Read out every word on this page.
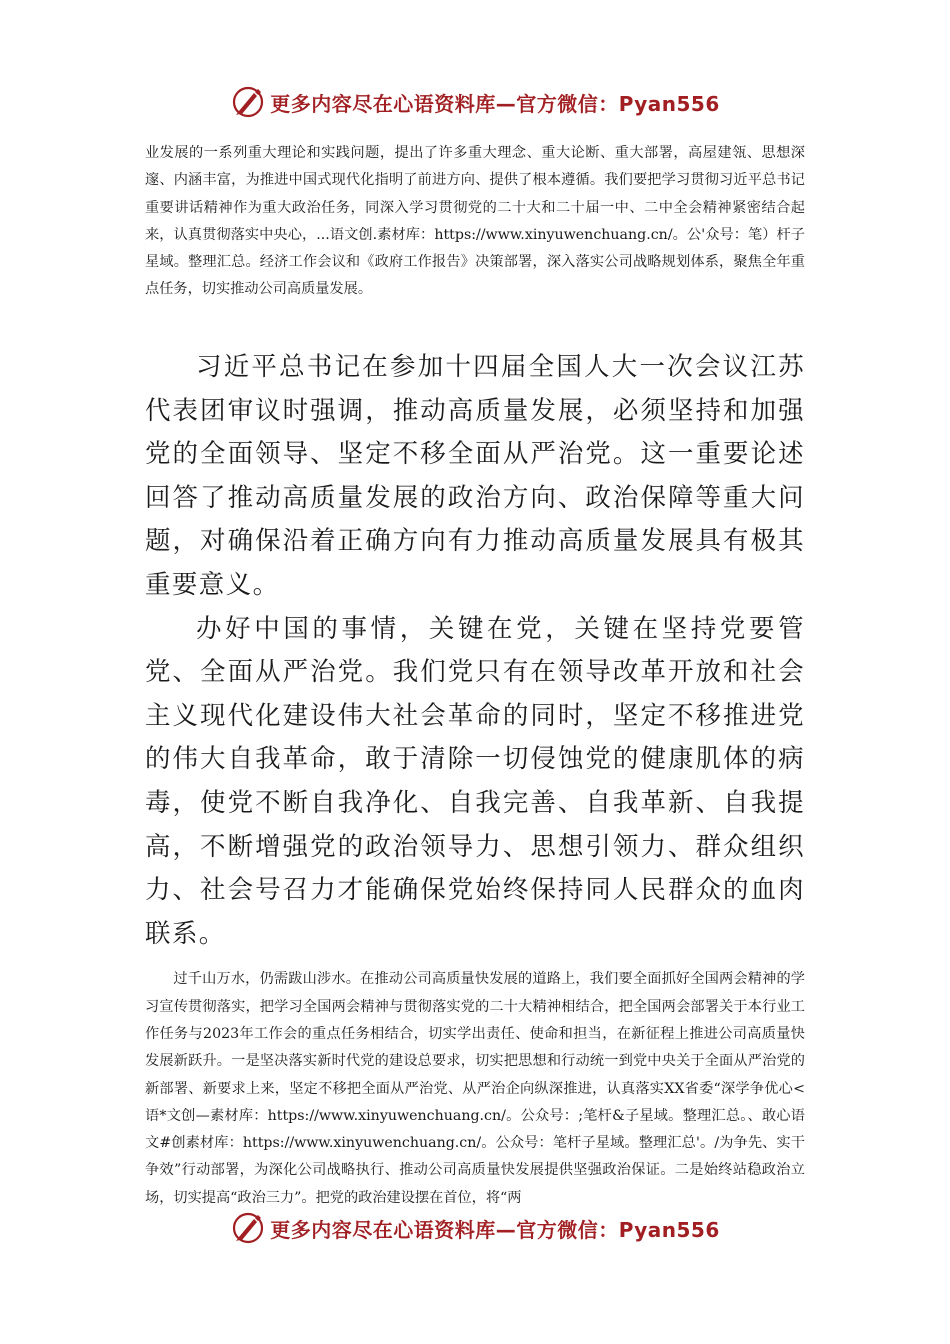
更多内容尽在心语资料库—官方微信：Pyan556

业发展的一系列重大理论和实践问题，提出了许多重大理念、重大论断、重大部署，高屋建瓴、思想深邃、内涵丰富，为推进中国式现代化指明了前进方向、提供了根本遵循。我们要把学习贯彻习近平总书记重要讲话精神作为重大政治任务，同深入学习贯彻党的二十大和二十届一中、二中全会精神紧密结合起来，认真贯彻落实中央心，...语文创.素材库：https://www.xinyuwenchuang.cn/。公'众号：笔）杆子星域。整理汇总。经济工作会议和《政府工作报告》决策部署，深入落实公司战略规划体系，聚焦全年重点任务，切实推动公司高质量发展。

习近平总书记在参加十四届全国人大一次会议江苏代表团审议时强调，推动高质量发展，必须坚持和加强党的全面领导、坚定不移全面从严治党。这一重要论述回答了推动高质量发展的政治方向、政治保障等重大问题，对确保沿着正确方向有力推动高质量发展具有极其重要意义。

办好中国的事情，关键在党，关键在坚持党要管党、全面从严治党。我们党只有在领导改革开放和社会主义现代化建设伟大社会革命的同时，坚定不移推进党的伟大自我革命，敢于清除一切侵蚀党的健康肌体的病毒，使党不断自我净化、自我完善、自我革新、自我提高，不断增强党的政治领导力、思想引领力、群众组织力、社会号召力才能确保党始终保持同人民群众的血肉联系。

过千山万水，仍需跋山涉水。在推动公司高质量快发展的道路上，我们要全面抓好全国两会精神的学习宣传贯彻落实，把学习全国两会精神与贯彻落实党的二十大精神相结合，把全国两会部署关于本行业工作任务与2023年工作会的重点任务相结合，切实学出责任、使命和担当，在新征程上推进公司高质量快发展新跃升。一是坚决落实新时代党的建设总要求，切实把思想和行动统一到党中央关于全面从严治党的新部署、新要求上来，坚定不移把全面从严治党、从严治企向纵深推进，认真落实XX省委“深学争优心<语*文创—素材库：https://www.xinyuwenchuang.cn/。公众号：;笔杆&子星域。整理汇总。、敢心语文#创素材库：https://www.xinyuwenchuang.cn/。公众号：笔杆子星域。整理汇总'。/为争先、实干争效”行动部署，为深化公司战略执行、推动公司高质量快发展提供坚强政治保证。二是始终站稳政治立场，切实提高“政治三力”。把党的政治建设摆在首位，将“两

更多内容尽在心语资料库—官方微信：Pyan556
